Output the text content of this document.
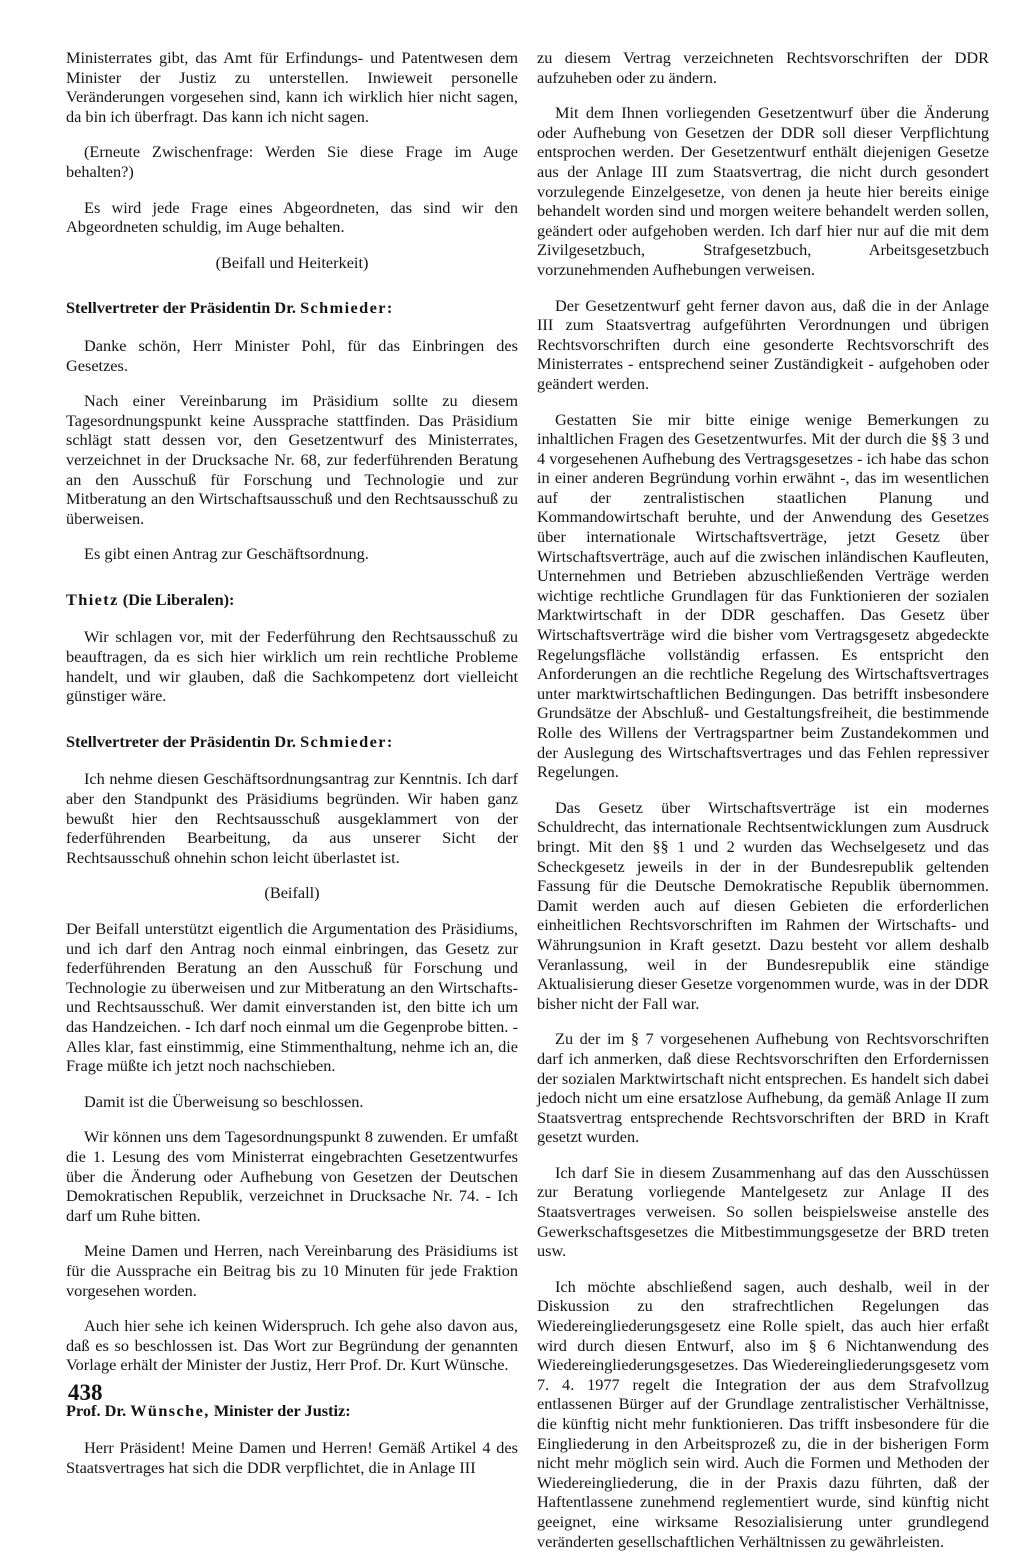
Ministerrates gibt, das Amt für Erfindungs- und Patentwesen dem Minister der Justiz zu unterstellen. Inwieweit personelle Veränderungen vorgesehen sind, kann ich wirklich hier nicht sagen, da bin ich überfragt. Das kann ich nicht sagen.

(Erneute Zwischenfrage: Werden Sie diese Frage im Auge behalten?)

Es wird jede Frage eines Abgeordneten, das sind wir den Abgeordneten schuldig, im Auge behalten.

(Beifall und Heiterkeit)

Stellvertreter der Präsidentin Dr. Schmieder:

Danke schön, Herr Minister Pohl, für das Einbringen des Gesetzes.

Nach einer Vereinbarung im Präsidium sollte zu diesem Tagesordnungspunkt keine Aussprache stattfinden. Das Präsidium schlägt statt dessen vor, den Gesetzentwurf des Ministerrates, verzeichnet in der Drucksache Nr. 68, zur federführenden Beratung an den Ausschuß für Forschung und Technologie und zur Mitberatung an den Wirtschaftsausschuß und den Rechtsausschuß zu überweisen.

Es gibt einen Antrag zur Geschäftsordnung.

Thietz (Die Liberalen):

Wir schlagen vor, mit der Federführung den Rechtsausschuß zu beauftragen, da es sich hier wirklich um rein rechtliche Probleme handelt, und wir glauben, daß die Sachkompetenz dort vielleicht günstiger wäre.

Stellvertreter der Präsidentin Dr. Schmieder:

Ich nehme diesen Geschäftsordnungsantrag zur Kenntnis. Ich darf aber den Standpunkt des Präsidiums begründen. Wir haben ganz bewußt hier den Rechtsausschuß ausgeklammert von der federführenden Bearbeitung, da aus unserer Sicht der Rechtsausschuß ohnehin schon leicht überlastet ist.

(Beifall)

Der Beifall unterstützt eigentlich die Argumentation des Präsidiums, und ich darf den Antrag noch einmal einbringen, das Gesetz zur federführenden Beratung an den Ausschuß für Forschung und Technologie zu überweisen und zur Mitberatung an den Wirtschafts- und Rechtsausschuß. Wer damit einverstanden ist, den bitte ich um das Handzeichen. - Ich darf noch einmal um die Gegenprobe bitten. - Alles klar, fast einstimmig, eine Stimmenthaltung, nehme ich an, die Frage müßte ich jetzt noch nachschieben.

Damit ist die Überweisung so beschlossen.

Wir können uns dem Tagesordnungspunkt 8 zuwenden. Er umfaßt die 1. Lesung des vom Ministerrat eingebrachten Gesetzentwurfes über die Änderung oder Aufhebung von Gesetzen der Deutschen Demokratischen Republik, verzeichnet in Drucksache Nr. 74. - Ich darf um Ruhe bitten.

Meine Damen und Herren, nach Vereinbarung des Präsidiums ist für die Aussprache ein Beitrag bis zu 10 Minuten für jede Fraktion vorgesehen worden.

Auch hier sehe ich keinen Widerspruch. Ich gehe also davon aus, daß es so beschlossen ist. Das Wort zur Begründung der genannten Vorlage erhält der Minister der Justiz, Herr Prof. Dr. Kurt Wünsche.

Prof. Dr. Wünsche, Minister der Justiz:

Herr Präsident! Meine Damen und Herren! Gemäß Artikel 4 des Staatsvertrages hat sich die DDR verpflichtet, die in Anlage III

zu diesem Vertrag verzeichneten Rechtsvorschriften der DDR aufzuheben oder zu ändern.

Mit dem Ihnen vorliegenden Gesetzentwurf über die Änderung oder Aufhebung von Gesetzen der DDR soll dieser Verpflichtung entsprochen werden. Der Gesetzentwurf enthält diejenigen Gesetze aus der Anlage III zum Staatsvertrag, die nicht durch gesondert vorzulegende Einzelgesetze, von denen ja heute hier bereits einige behandelt worden sind und morgen weitere behandelt werden sollen, geändert oder aufgehoben werden. Ich darf hier nur auf die mit dem Zivilgesetzbuch, Strafgesetzbuch, Arbeitsgesetzbuch vorzunehmenden Aufhebungen verweisen.

Der Gesetzentwurf geht ferner davon aus, daß die in der Anlage III zum Staatsvertrag aufgeführten Verordnungen und übrigen Rechtsvorschriften durch eine gesonderte Rechtsvorschrift des Ministerrates - entsprechend seiner Zuständigkeit - aufgehoben oder geändert werden.

Gestatten Sie mir bitte einige wenige Bemerkungen zu inhaltlichen Fragen des Gesetzentwurfes. Mit der durch die §§ 3 und 4 vorgesehenen Aufhebung des Vertragsgesetzes - ich habe das schon in einer anderen Begründung vorhin erwähnt -, das im wesentlichen auf der zentralistischen staatlichen Planung und Kommandowirtschaft beruhte, und der Anwendung des Gesetzes über internationale Wirtschaftsverträge, jetzt Gesetz über Wirtschaftsverträge, auch auf die zwischen inländischen Kaufleuten, Unternehmen und Betrieben abzuschließenden Verträge werden wichtige rechtliche Grundlagen für das Funktionieren der sozialen Marktwirtschaft in der DDR geschaffen. Das Gesetz über Wirtschaftsverträge wird die bisher vom Vertragsgesetz abgedeckte Regelungsfläche vollständig erfassen. Es entspricht den Anforderungen an die rechtliche Regelung des Wirtschaftsvertrages unter marktwirtschaftlichen Bedingungen. Das betrifft insbesondere Grundsätze der Abschluß- und Gestaltungsfreiheit, die bestimmende Rolle des Willens der Vertragspartner beim Zustandekommen und der Auslegung des Wirtschaftsvertrages und das Fehlen repressiver Regelungen.

Das Gesetz über Wirtschaftsverträge ist ein modernes Schuldrecht, das internationale Rechtsentwicklungen zum Ausdruck bringt. Mit den §§ 1 und 2 wurden das Wechselgesetz und das Scheckgesetz jeweils in der in der Bundesrepublik geltenden Fassung für die Deutsche Demokratische Republik übernommen. Damit werden auch auf diesen Gebieten die erforderlichen einheitlichen Rechtsvorschriften im Rahmen der Wirtschafts- und Währungsunion in Kraft gesetzt. Dazu besteht vor allem deshalb Veranlassung, weil in der Bundesrepublik eine ständige Aktualisierung dieser Gesetze vorgenommen wurde, was in der DDR bisher nicht der Fall war.

Zu der im § 7 vorgesehenen Aufhebung von Rechtsvorschriften darf ich anmerken, daß diese Rechtsvorschriften den Erfordernissen der sozialen Marktwirtschaft nicht entsprechen. Es handelt sich dabei jedoch nicht um eine ersatzlose Aufhebung, da gemäß Anlage II zum Staatsvertrag entsprechende Rechtsvorschriften der BRD in Kraft gesetzt wurden.

Ich darf Sie in diesem Zusammenhang auf das den Ausschüssen zur Beratung vorliegende Mantelgesetz zur Anlage II des Staatsvertrages verweisen. So sollen beispielsweise anstelle des Gewerkschaftsgesetzes die Mitbestimmungsgesetze der BRD treten usw.

Ich möchte abschließend sagen, auch deshalb, weil in der Diskussion zu den strafrechtlichen Regelungen das Wiedereingliederungsgesetz eine Rolle spielt, das auch hier erfaßt wird durch diesen Entwurf, also im § 6 Nichtanwendung des Wiedereingliederungsgesetzes. Das Wiedereingliederungsgesetz vom 7. 4. 1977 regelt die Integration der aus dem Strafvollzug entlassenen Bürger auf der Grundlage zentralistischer Verhältnisse, die künftig nicht mehr funktionieren. Das trifft insbesondere für die Eingliederung in den Arbeitsprozeß zu, die in der bisherigen Form nicht mehr möglich sein wird. Auch die Formen und Methoden der Wiedereingliederung, die in der Praxis dazu führten, daß der Haftentlassene zunehmend reglementiert wurde, sind künftig nicht geeignet, eine wirksame Resozialisierung unter grundlegend veränderten gesellschaftlichen Verhältnissen zu gewährleisten.

438
